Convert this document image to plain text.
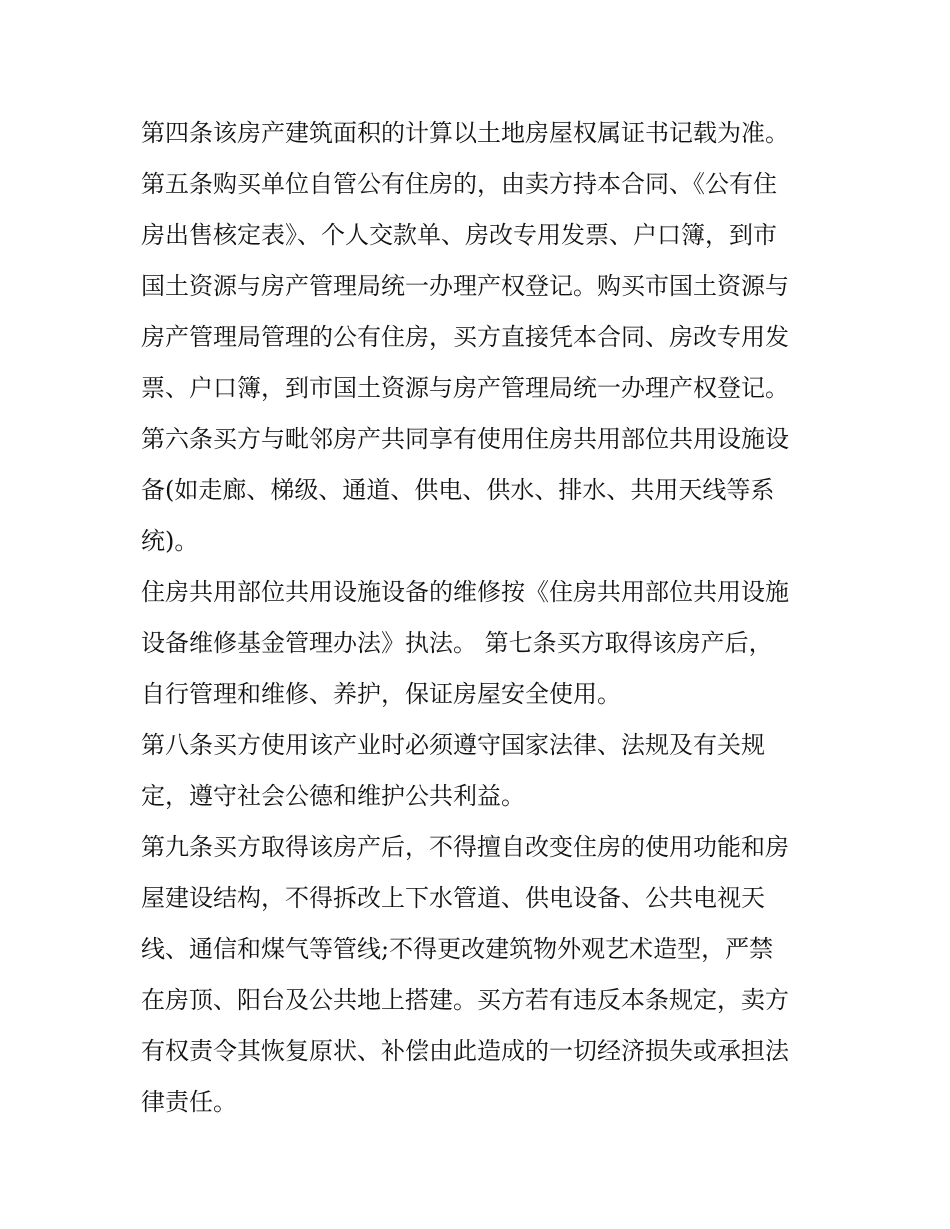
第四条该房产建筑面积的计算以土地房屋权属证书记载为准。
第五条购买单位自管公有住房的，由卖方持本合同、《公有住
房出售核定表》、个人交款单、房改专用发票、户口簿，到市
国土资源与房产管理局统一办理产权登记。购买市国土资源与
房产管理局管理的公有住房，买方直接凭本合同、房改专用发
票、户口簿，到市国土资源与房产管理局统一办理产权登记。
第六条买方与毗邻房产共同享有使用住房共用部位共用设施设
备(如走廊、梯级、通道、供电、供水、排水、共用天线等系
统)。
住房共用部位共用设施设备的维修按《住房共用部位共用设施
设备维修基金管理办法》执法。 第七条买方取得该房产后，
自行管理和维修、养护，保证房屋安全使用。
第八条买方使用该产业时必须遵守国家法律、法规及有关规
定，遵守社会公德和维护公共利益。
第九条买方取得该房产后，不得擅自改变住房的使用功能和房
屋建设结构，不得拆改上下水管道、供电设备、公共电视天
线、通信和煤气等管线;不得更改建筑物外观艺术造型，严禁
在房顶、阳台及公共地上搭建。买方若有违反本条规定，卖方
有权责令其恢复原状、补偿由此造成的一切经济损失或承担法
律责任。
